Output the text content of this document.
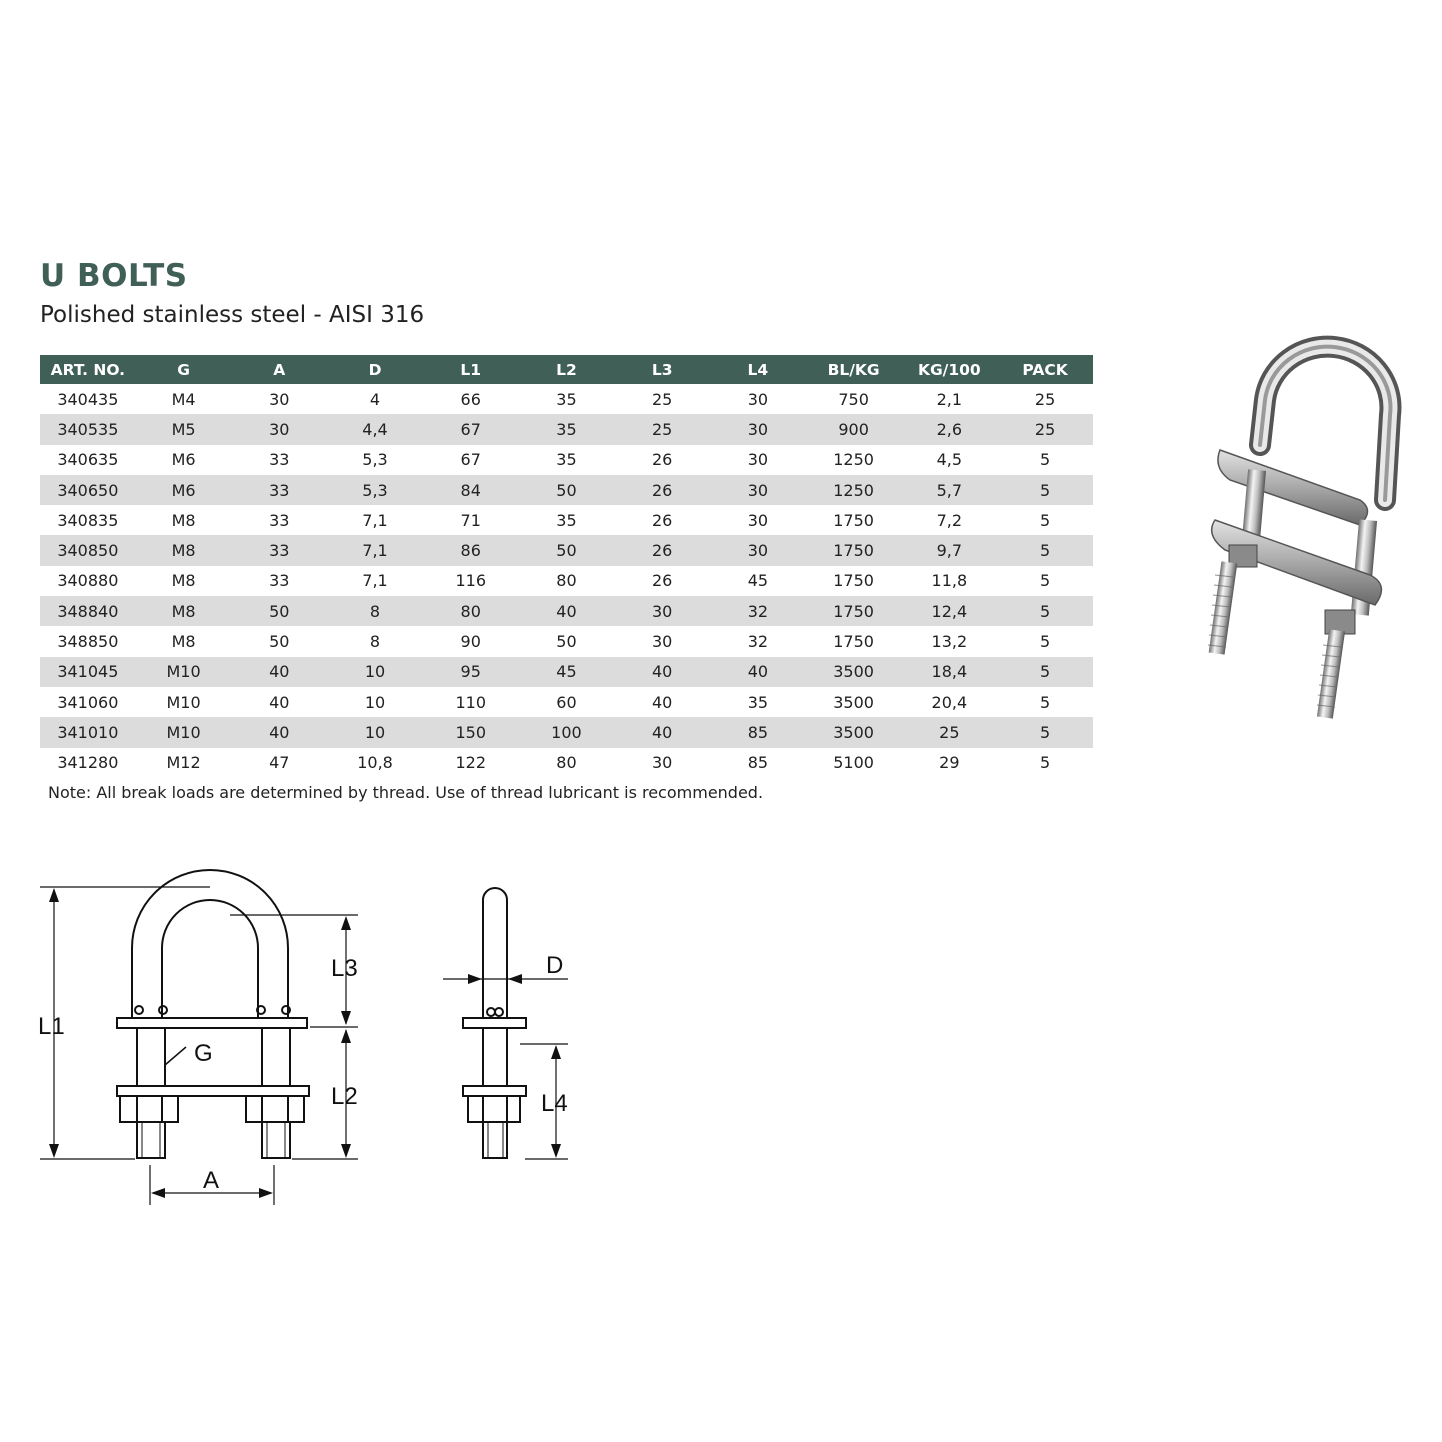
U BOLTS
Polished stainless steel - AISI 316
ART. NO.	G	A	D	L1	L2	L3	L4	BL/KG	KG/100	PACK
340435	M4	30	4	66	35	25	30	750	2,1	25
340535	M5	30	4,4	67	35	25	30	900	2,6	25
340635	M6	33	5,3	67	35	26	30	1250	4,5	5
340650	M6	33	5,3	84	50	26	30	1250	5,7	5
340835	M8	33	7,1	71	35	26	30	1750	7,2	5
340850	M8	33	7,1	86	50	26	30	1750	9,7	5
340880	M8	33	7,1	116	80	26	45	1750	11,8	5
348840	M8	50	8	80	40	30	32	1750	12,4	5
348850	M8	50	8	90	50	30	32	1750	13,2	5
341045	M10	40	10	95	45	40	40	3500	18,4	5
341060	M10	40	10	110	60	40	35	3500	20,4	5
341010	M10	40	10	150	100	40	85	3500	25	5
341280	M12	47	10,8	122	80	30	85	5100	29	5
Note: All break loads are determined by thread. Use of thread lubricant is recommended.
L1
L3
G
L2
A
D
L4
